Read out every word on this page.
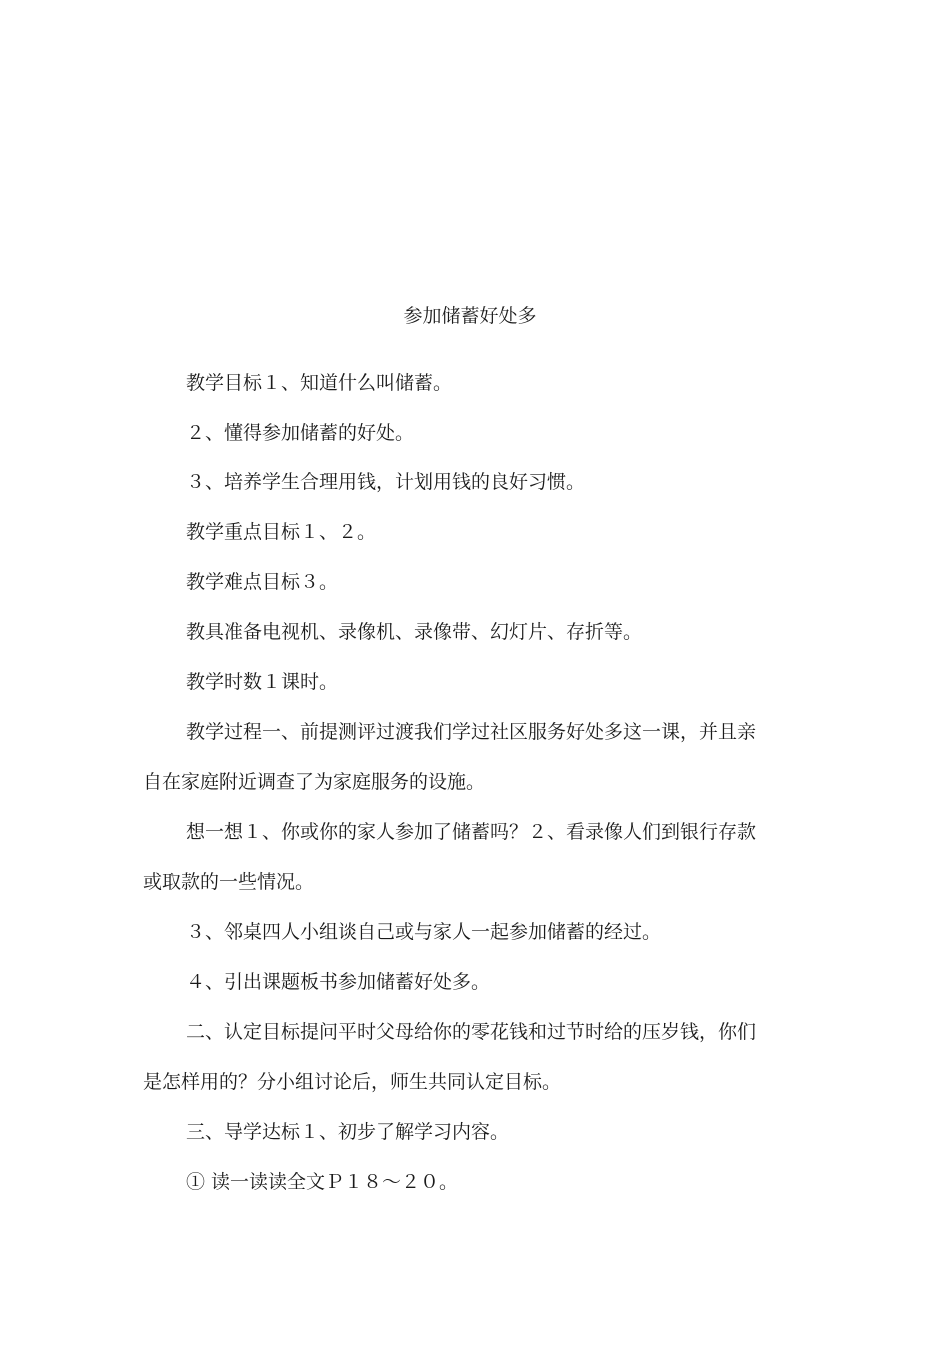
参加储蓄好处多
教学目标１、知道什么叫储蓄。
２、懂得参加储蓄的好处。
３、培养学生合理用钱，计划用钱的良好习惯。
教学重点目标１、２。
教学难点目标３。
教具准备电视机、录像机、录像带、幻灯片、存折等。
教学时数１课时。
教学过程一、前提测评过渡我们学过社区服务好处多这一课，并且亲
自在家庭附近调查了为家庭服务的设施。
想一想１、你或你的家人参加了储蓄吗？２、看录像人们到银行存款
或取款的一些情况。
３、邻桌四人小组谈自己或与家人一起参加储蓄的经过。
４、引出课题板书参加储蓄好处多。
二、认定目标提问平时父母给你的零花钱和过节时给的压岁钱，你们
是怎样用的？分小组讨论后，师生共同认定目标。
三、导学达标１、初步了解学习内容。
① 读一读读全文Ｐ１８～２０。
